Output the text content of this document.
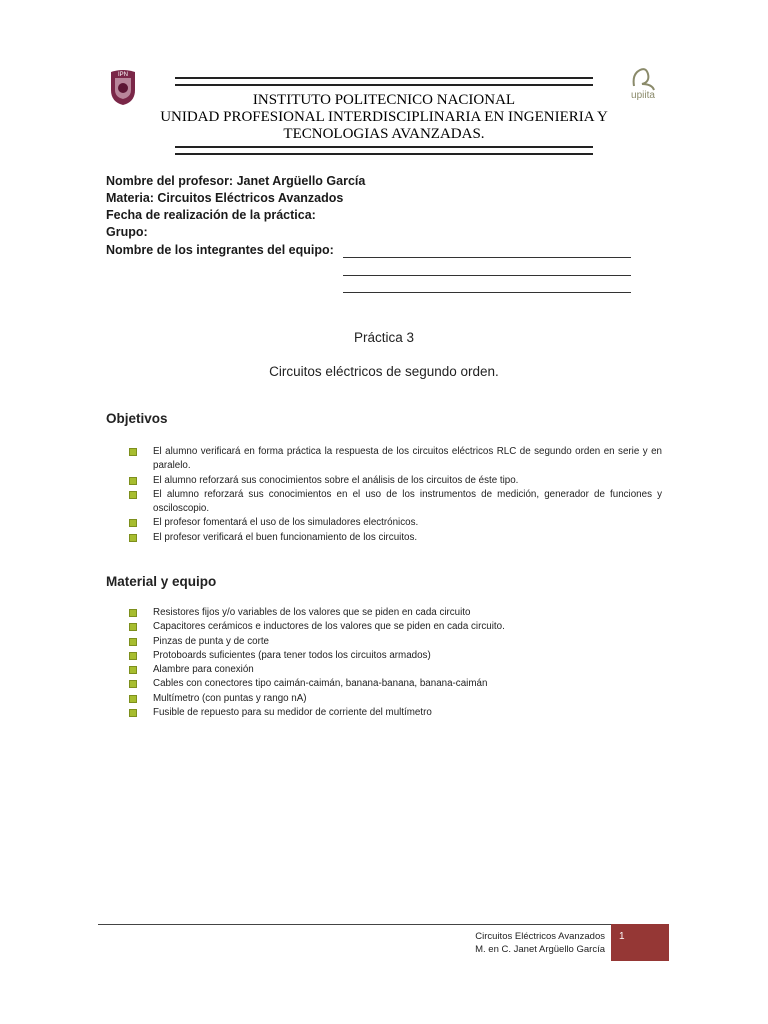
IPN
upiita
INSTITUTO POLITECNICO NACIONAL
UNIDAD PROFESIONAL INTERDISCIPLINARIA EN INGENIERIA Y
TECNOLOGIAS AVANZADAS.
Nombre del profesor: Janet Argüello García
Materia: Circuitos Eléctricos Avanzados
Fecha de realización de la práctica:
Grupo:
Nombre de los integrantes del equipo:
Práctica 3
Circuitos eléctricos de segundo orden.
Objetivos
El alumno verificará en forma práctica la respuesta de los circuitos eléctricos RLC de segundo orden en serie y en paralelo.
El alumno reforzará sus conocimientos sobre el análisis de los circuitos de éste tipo.
El alumno reforzará sus conocimientos en el uso de los instrumentos de medición, generador de funciones y osciloscopio.
El profesor fomentará el uso de los simuladores electrónicos.
El profesor verificará el buen funcionamiento de los circuitos.
Material y equipo
Resistores fijos y/o variables de los valores que se piden en cada circuito
Capacitores cerámicos e inductores de los valores que se piden en cada circuito.
Pinzas de punta y de corte
Protoboards suficientes (para tener todos los circuitos armados)
Alambre para conexión
Cables con conectores tipo caimán-caimán, banana-banana, banana-caimán
Multímetro (con puntas y rango nA)
Fusible de repuesto para su medidor de corriente del multímetro
Circuitos Eléctricos Avanzados
M. en C. Janet Argüello García
1
